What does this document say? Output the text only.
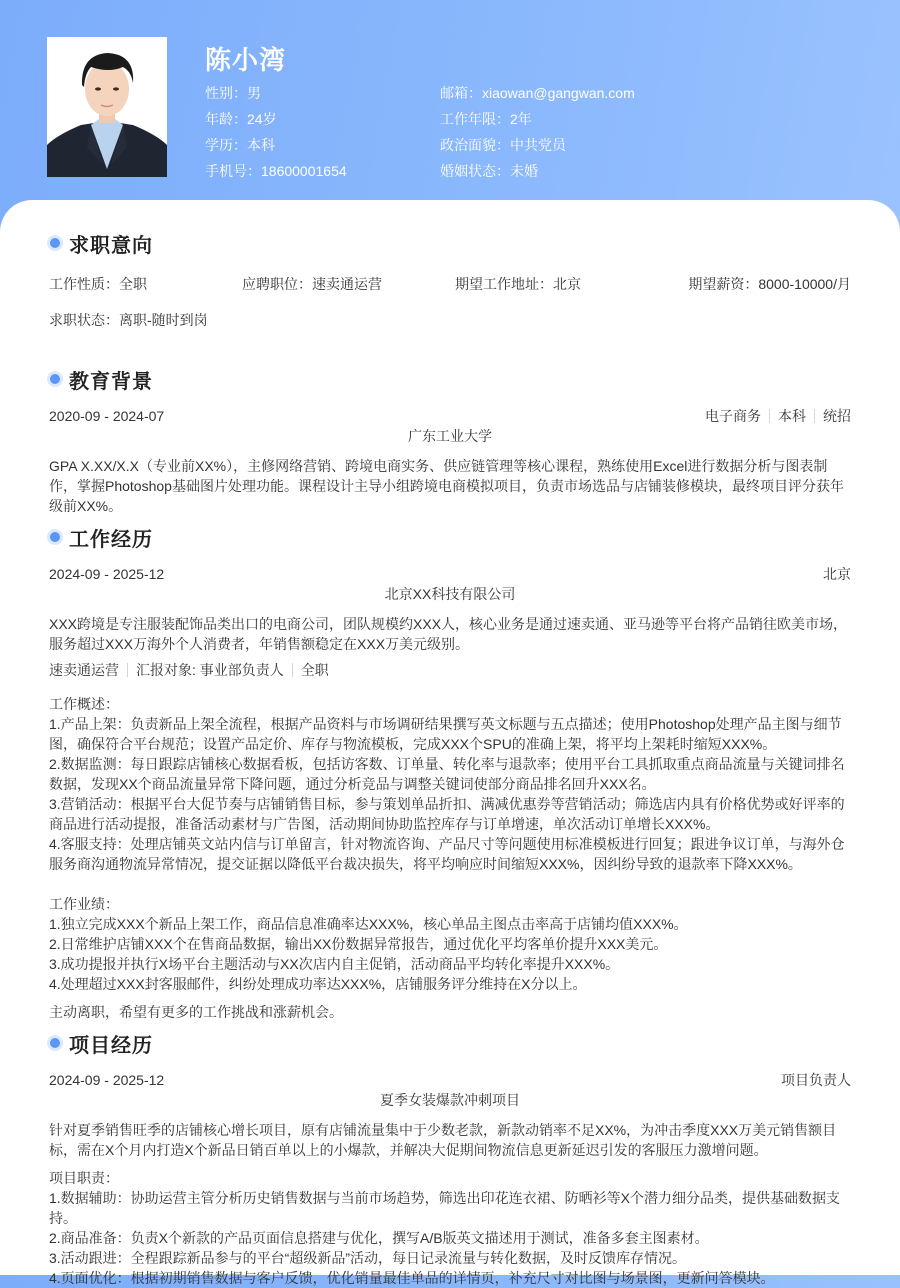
陈小湾
性别：男
年龄：24岁
学历：本科
手机号：18600001654
邮箱：xiaowan@gangwan.com
工作年限：2年
政治面貌：中共党员
婚姻状态：未婚
求职意向
工作性质：全职	应聘职位：速卖通运营	期望工作地址：北京	期望薪资：8000-10000/月
求职状态： 离职-随时到岗
教育背景
2020-09 - 2024-07	电子商务 本科 统招
广东工业大学
GPA X.XX/X.X（专业前XX%），主修网络营销、跨境电商实务、供应链管理等核心课程，熟练使用Excel进行数据分析与图表制作，掌握Photoshop基础图片处理功能。课程设计主导小组跨境电商模拟项目，负责市场选品与店铺装修模块，最终项目评分获年级前XX%。
工作经历
2024-09 - 2025-12	北京
北京XX科技有限公司
XXX跨境是专注服装配饰品类出口的电商公司，团队规模约XXX人，核心业务是通过速卖通、亚马逊等平台将产品销往欧美市场，服务超过XXX万海外个人消费者，年销售额稳定在XXX万美元级别。
速卖通运营 汇报对象: 事业部负责人 全职
工作概述：
1.产品上架：负责新品上架全流程，根据产品资料与市场调研结果撰写英文标题与五点描述；使用Photoshop处理产品主图与细节图，确保符合平台规范；设置产品定价、库存与物流模板，完成XXX个SPU的准确上架，将平均上架耗时缩短XXX%。
2.数据监测：每日跟踪店铺核心数据看板，包括访客数、订单量、转化率与退款率；使用平台工具抓取重点商品流量与关键词排名数据，发现XX个商品流量异常下降问题，通过分析竞品与调整关键词使部分商品排名回升XXX名。
3.营销活动：根据平台大促节奏与店铺销售目标，参与策划单品折扣、满减优惠券等营销活动；筛选店内具有价格优势或好评率的商品进行活动提报，准备活动素材与广告图，活动期间协助监控库存与订单增速，单次活动订单增长XXX%。
4.客服支持：处理店铺英文站内信与订单留言，针对物流咨询、产品尺寸等问题使用标准模板进行回复；跟进争议订单，与海外仓服务商沟通物流异常情况，提交证据以降低平台裁决损失，将平均响应时间缩短XXX%，因纠纷导致的退款率下降XXX%。
工作业绩：
1.独立完成XXX个新品上架工作，商品信息准确率达XXX%，核心单品主图点击率高于店铺均值XXX%。
2.日常维护店铺XXX个在售商品数据，输出XX份数据异常报告，通过优化平均客单价提升XXX美元。
3.成功提报并执行X场平台主题活动与XX次店内自主促销，活动商品平均转化率提升XXX%。
4.处理超过XXX封客服邮件，纠纷处理成功率达XXX%，店铺服务评分维持在X分以上。
主动离职，希望有更多的工作挑战和涨薪机会。
项目经历
2024-09 - 2025-12	项目负责人
夏季女装爆款冲刺项目
针对夏季销售旺季的店铺核心增长项目，原有店铺流量集中于少数老款，新款动销率不足XX%，为冲击季度XXX万美元销售额目标，需在X个月内打造X个新品日销百单以上的小爆款，并解决大促期间物流信息更新延迟引发的客服压力激增问题。
项目职责：
1.数据辅助：协助运营主管分析历史销售数据与当前市场趋势，筛选出印花连衣裙、防晒衫等X个潜力细分品类，提供基础数据支持。
2.商品准备：负责X个新款的产品页面信息搭建与优化，撰写A/B版英文描述用于测试，准备多套主图素材。
3.活动跟进：全程跟踪新品参与的平台“超级新品”活动，每日记录流量与转化数据，及时反馈库存情况。
4.页面优化：根据初期销售数据与客户反馈，优化销量最佳单品的详情页，补充尺寸对比图与场景图，更新问答模块。
